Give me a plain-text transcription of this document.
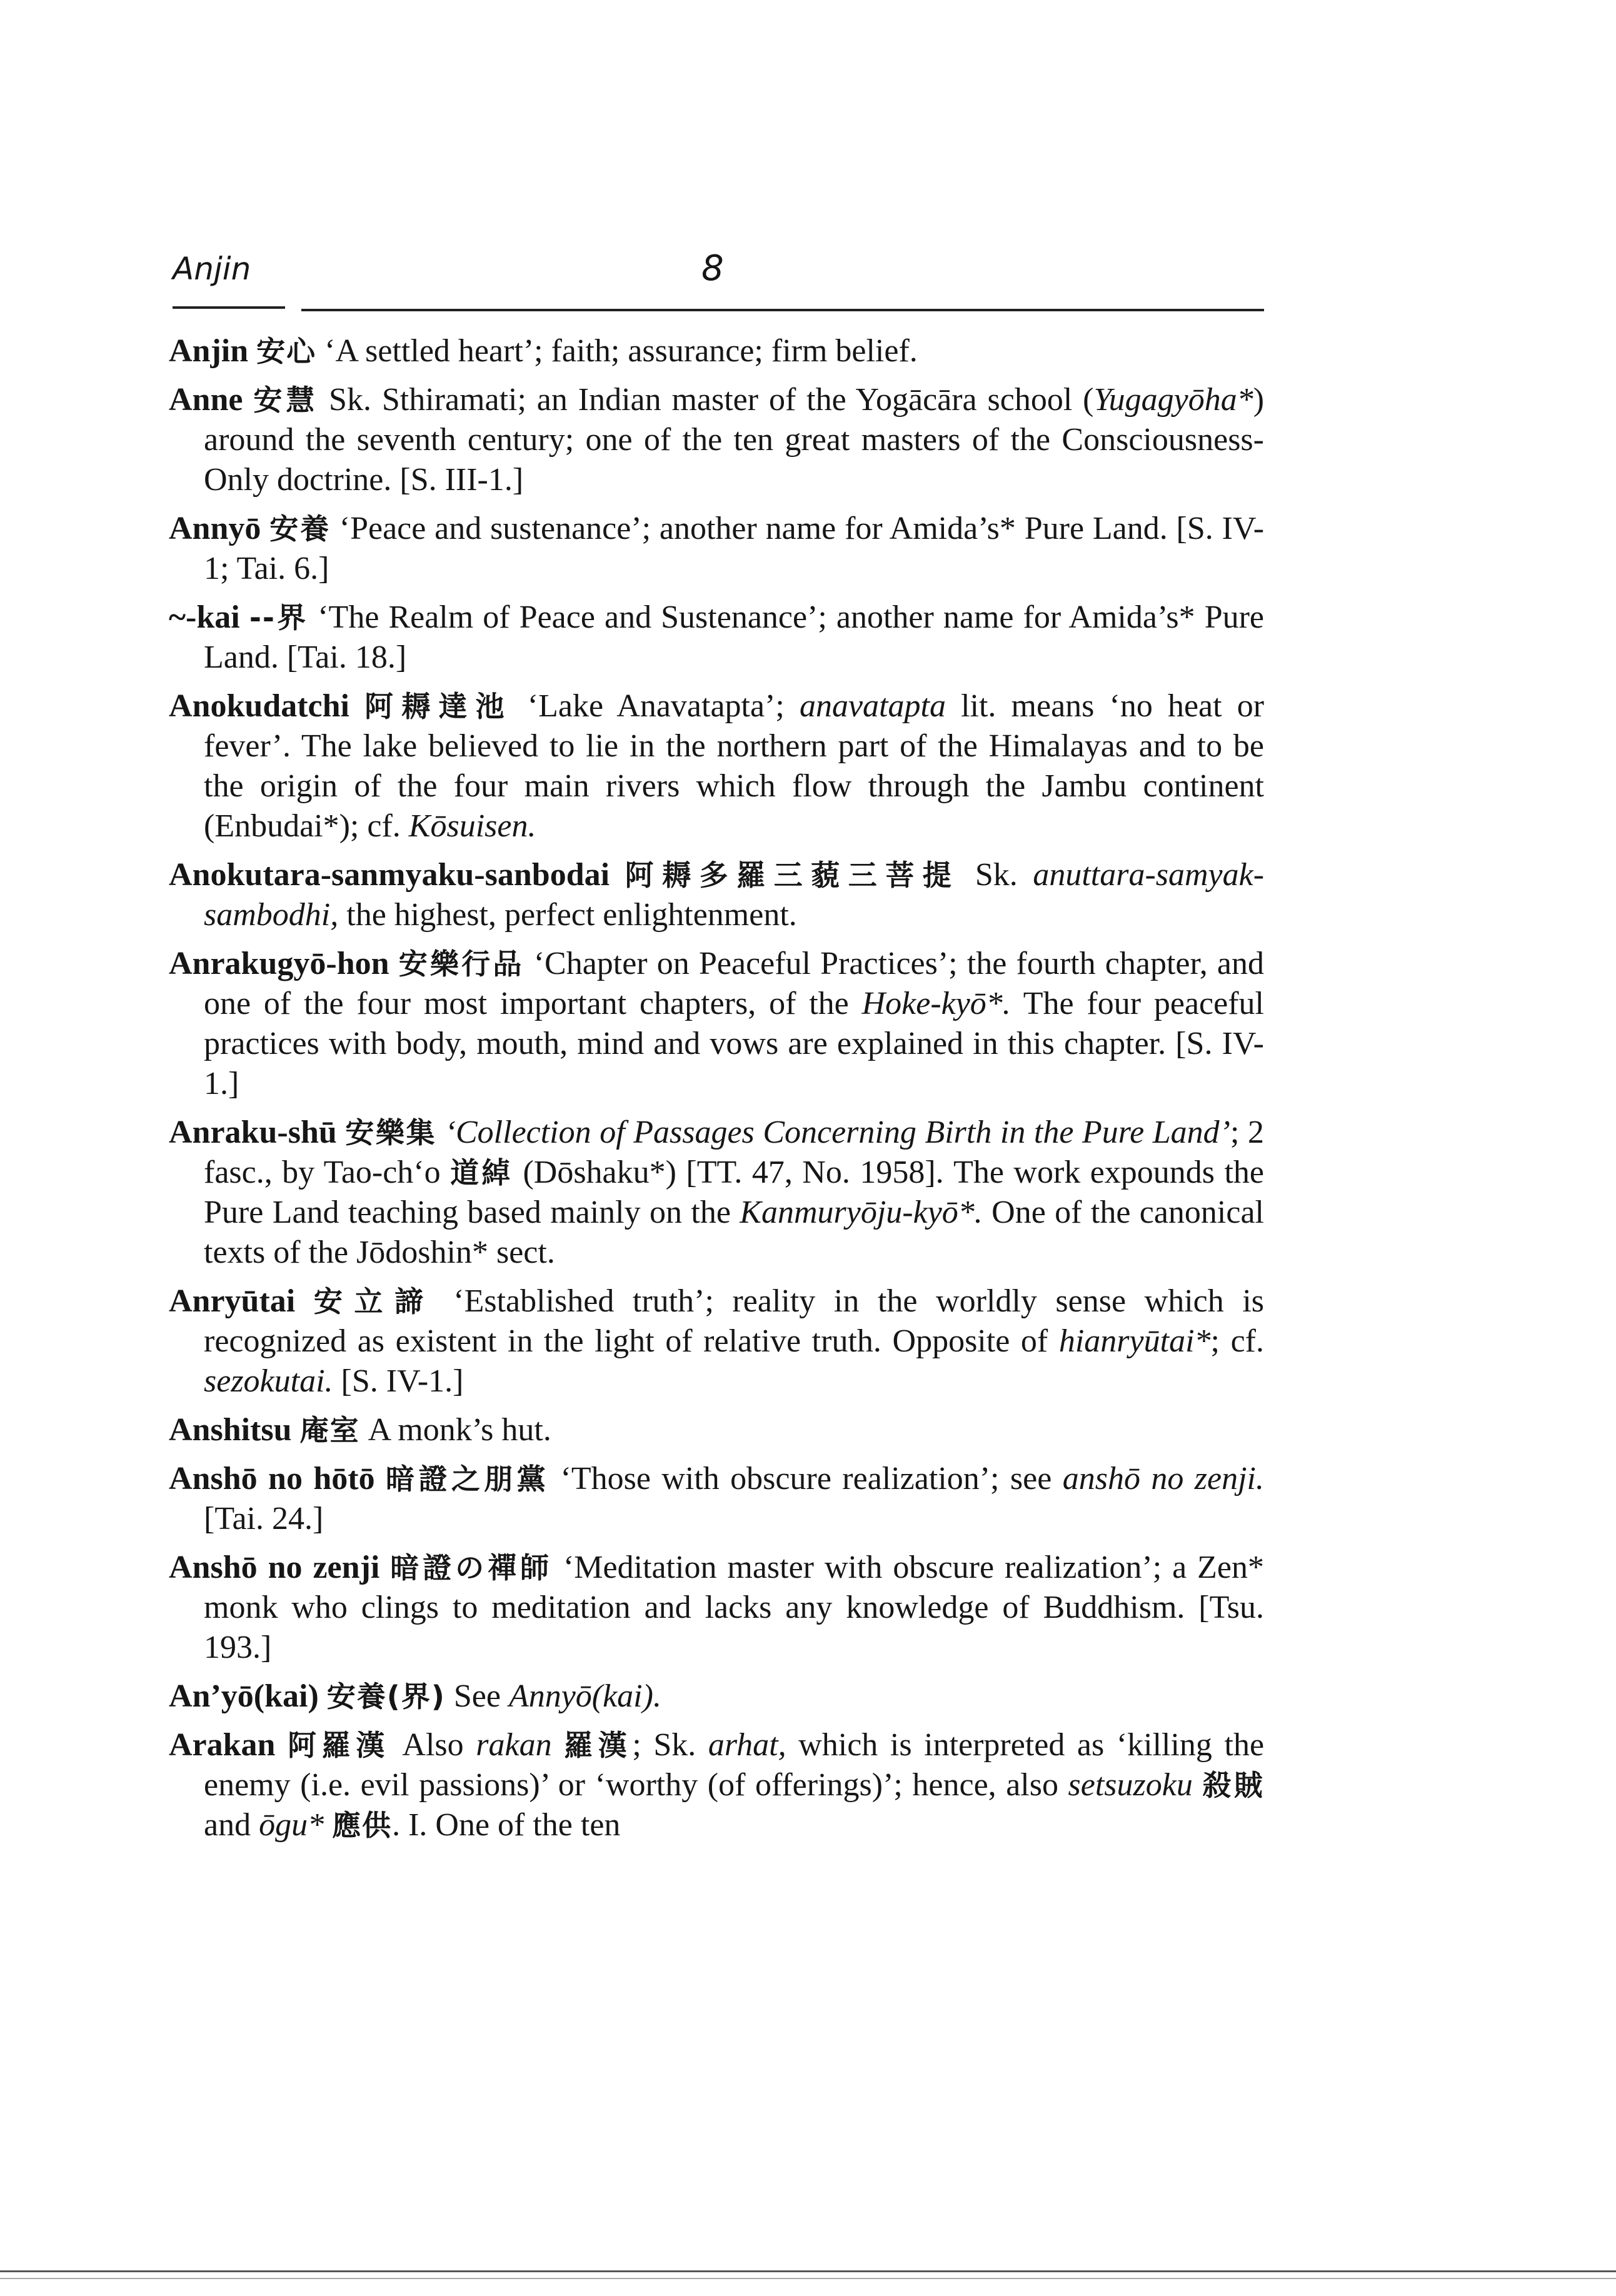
Anjin	8

Anjin 安心 ‘A settled heart’; faith; assurance; firm belief.

Anne 安慧 Sk. Sthiramati; an Indian master of the Yogācāra school (Yugagyōha*) around the seventh century; one of the ten great masters of the Consciousness-Only doctrine. [S. III-1.]

Annyō 安養 ‘Peace and sustenance’; another name for Amida’s* Pure Land. [S. IV-1; Tai. 6.]

~-kai --界 ‘The Realm of Peace and Sustenance’; another name for Amida’s* Pure Land. [Tai. 18.]

Anokudatchi 阿耨達池 ‘Lake Anavatapta’; anavatapta lit. means ‘no heat or fever’. The lake believed to lie in the northern part of the Himalayas and to be the origin of the four main rivers which flow through the Jambu continent (Enbudai*); cf. Kōsuisen.

Anokutara-sanmyaku-sanbodai 阿耨多羅三藐三菩提 Sk. anuttara-samyak-sambodhi, the highest, perfect enlightenment.

Anrakugyō-hon 安樂行品 ‘Chapter on Peaceful Practices’; the fourth chapter, and one of the four most important chapters, of the Hoke-kyō*. The four peaceful practices with body, mouth, mind and vows are explained in this chapter. [S. IV-1.]

Anraku-shū 安樂集 ‘Collection of Passages Concerning Birth in the Pure Land’; 2 fasc., by Tao-ch‘o 道綽 (Dōshaku*) [TT. 47, No. 1958]. The work expounds the Pure Land teaching based mainly on the Kanmuryōju-kyō*. One of the canonical texts of the Jōdoshin* sect.

Anryūtai 安立諦 ‘Established truth’; reality in the worldly sense which is recognized as existent in the light of relative truth. Opposite of hianryūtai*; cf. sezokutai. [S. IV-1.]

Anshitsu 庵室 A monk’s hut.

Anshō no hōtō 暗證之朋黨 ‘Those with obscure realization’; see anshō no zenji. [Tai. 24.]

Anshō no zenji 暗證の禪師 ‘Meditation master with obscure realization’; a Zen* monk who clings to meditation and lacks any knowledge of Buddhism. [Tsu. 193.]

An’yō(kai) 安養(界) See Annyō(kai).

Arakan 阿羅漢 Also rakan 羅漢; Sk. arhat, which is interpreted as ‘killing the enemy (i.e. evil passions)’ or ‘worthy (of offerings)’; hence, also setsuzoku 殺賊 and ōgu* 應供. I. One of the ten
